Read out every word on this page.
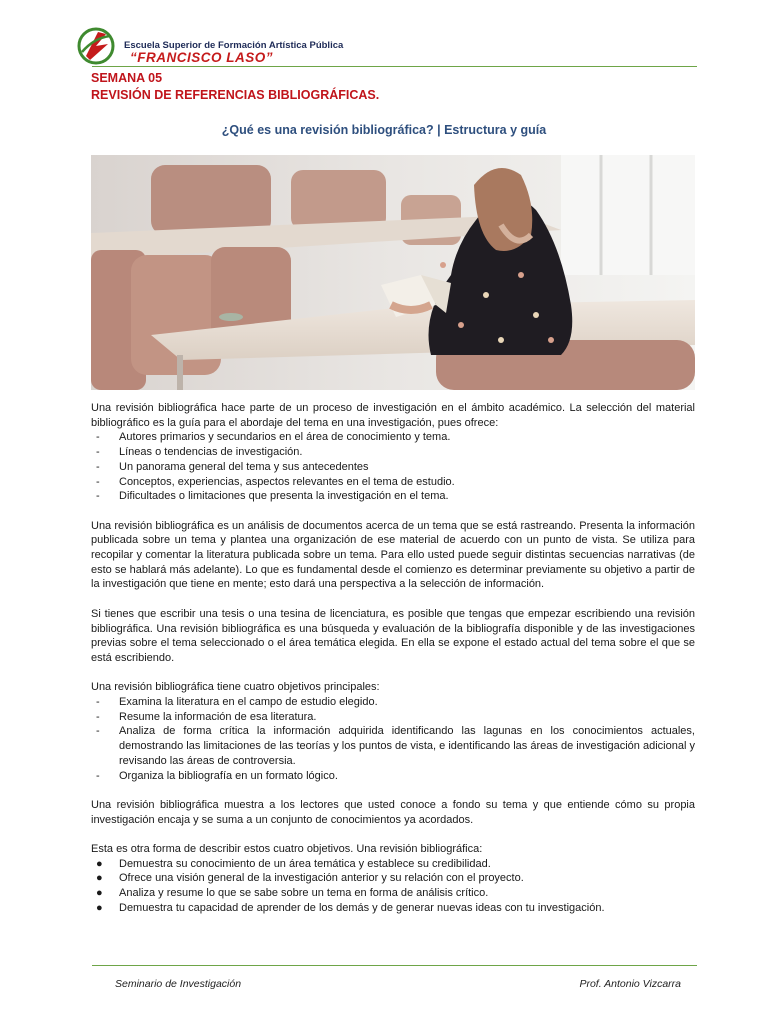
Escuela Superior de Formación Artística Pública
“FRANCISCO LASO”
SEMANA 05
REVISIÓN DE REFERENCIAS BIBLIOGRÁFICAS.
¿Qué es una revisión bibliográfica? | Estructura y guía

Una revisión bibliográfica hace parte de un proceso de investigación en el ámbito académico. La selección del material bibliográfico es la guía para el abordaje del tema en una investigación, pues ofrece:

- Autores primarios y secundarios en el área de conocimiento y tema.
- Líneas o tendencias de investigación.
- Un panorama general del tema y sus antecedentes
- Conceptos, experiencias, aspectos relevantes en el tema de estudio.
- Dificultades o limitaciones que presenta la investigación en el tema.

Una revisión bibliográfica es un análisis de documentos acerca de un tema que se está rastreando. Presenta la información publicada sobre un tema y plantea una organización de ese material de acuerdo con un punto de vista. Se utiliza para recopilar y comentar la literatura publicada sobre un tema. Para ello usted puede seguir distintas secuencias narrativas (de esto se hablará más adelante). Lo que es fundamental desde el comienzo es determinar previamente su objetivo a partir de la investigación que tiene en mente; esto dará una perspectiva a la selección de información.

Si tienes que escribir una tesis o una tesina de licenciatura, es posible que tengas que empezar escribiendo una revisión bibliográfica. Una revisión bibliográfica es una búsqueda y evaluación de la bibliografía disponible y de las investigaciones previas sobre el tema seleccionado o el área temática elegida. En ella se expone el estado actual del tema sobre el que se está escribiendo.

Una revisión bibliográfica tiene cuatro objetivos principales:

- Examina la literatura en el campo de estudio elegido.
- Resume la información de esa literatura.
- Analiza de forma crítica la información adquirida identificando las lagunas en los conocimientos actuales, demostrando las limitaciones de las teorías y los puntos de vista, e identificando las áreas de investigación adicional y revisando las áreas de controversia.
- Organiza la bibliografía en un formato lógico.

Una revisión bibliográfica muestra a los lectores que usted conoce a fondo su tema y que entiende cómo su propia investigación encaja y se suma a un conjunto de conocimientos ya acordados.

Esta es otra forma de describir estos cuatro objetivos. Una revisión bibliográfica:

● Demuestra su conocimiento de un área temática y establece su credibilidad.
● Ofrece una visión general de la investigación anterior y su relación con el proyecto.
● Analiza y resume lo que se sabe sobre un tema en forma de análisis crítico.
● Demuestra tu capacidad de aprender de los demás y de generar nuevas ideas con tu investigación.
Seminario de Investigación	Prof. Antonio Vizcarra
